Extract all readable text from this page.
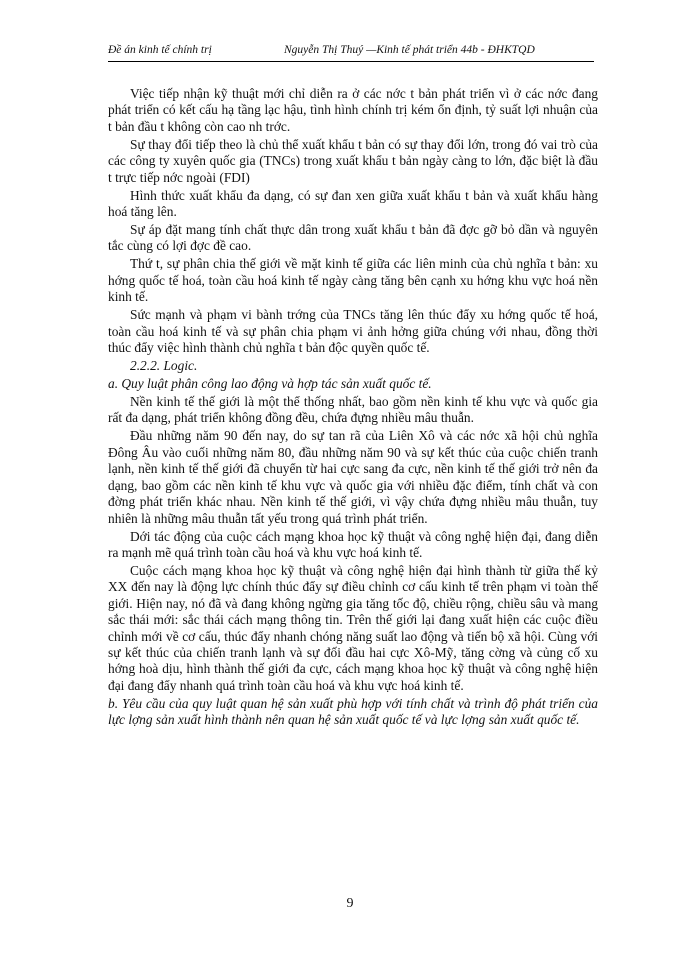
Đề án kinh tế chính trị	Nguyễn Thị Thuý —Kinh tế phát triển 44b - ĐHKTQD

Việc tiếp nhận kỹ thuật mới chỉ diễn ra ở các nớc t bản phát triển vì ở các nớc đang phát triển có kết cấu hạ tầng lạc hậu, tình hình chính trị kém ổn định, tỷ suất lợi nhuận của t bản đầu t không còn cao nh trớc.

Sự thay đổi tiếp theo là chủ thể xuất khẩu t bản có sự thay đổi lớn, trong đó vai trò của các công ty xuyên quốc gia (TNCs) trong xuất khẩu t bản ngày càng to lớn, đặc biệt là đầu t trực tiếp nớc ngoài (FDI)

Hình thức xuất khẩu đa dạng, có sự đan xen giữa xuất khẩu t bản và xuất khẩu hàng hoá tăng lên.

Sự áp đặt mang tính chất thực dân trong xuất khẩu t bản đã đợc gỡ bỏ dần và nguyên tắc cùng có lợi đợc đề cao.

Thứ t, sự phân chia thế giới về mặt kinh tế giữa các liên minh của chủ nghĩa t bản: xu hớng quốc tế hoá, toàn cầu hoá kinh tế ngày càng tăng bên cạnh xu hớng khu vực hoá nền kinh tế.

Sức mạnh và phạm vi bành trớng của TNCs tăng lên thúc đẩy xu hớng quốc tế hoá, toàn cầu hoá kinh tế và sự phân chia phạm vi ảnh hởng giữa chúng với nhau, đồng thời thúc đẩy việc hình thành chủ nghĩa t bản độc quyền quốc tế.

2.2.2. Logic.

a. Quy luật phân công lao động và hợp tác sản xuất quốc tế.

Nền kinh tế thế giới là một thể thống nhất, bao gồm nền kinh tế khu vực và quốc gia rất đa dạng, phát triển không đồng đều, chứa đựng nhiều mâu thuẫn.

Đầu những năm 90 đến nay, do sự tan rã của Liên Xô và các nớc xã hội chủ nghĩa Đông Âu vào cuối những năm 80, đầu những năm 90 và sự kết thúc của cuộc chiến tranh lạnh, nền kinh tế thế giới đã chuyển từ hai cực sang đa cực, nền kinh tế thế giới trở nên đa dạng, bao gồm các nền kinh tế khu vực và quốc gia với nhiều đặc điểm, tính chất và con đờng phát triển khác nhau. Nền kinh tế thế giới, vì vậy chứa đựng nhiều mâu thuẫn, tuy nhiên là những mâu thuẫn tất yếu trong quá trình phát triển.

Dới tác động của cuộc cách mạng khoa học kỹ thuật và công nghệ hiện đại, đang diễn ra mạnh mẽ quá trình toàn cầu hoá và khu vực hoá kinh tế.

Cuộc cách mạng khoa học kỹ thuật và công nghệ hiện đại hình thành từ giữa thế kỷ XX đến nay là động lực chính thúc đẩy sự điều chỉnh cơ cấu kinh tế trên phạm vi toàn thế giới. Hiện nay, nó đã và đang không ngừng gia tăng tốc độ, chiều rộng, chiều sâu và mang sắc thái mới: sắc thái cách mạng thông tin. Trên thế giới lại đang xuất hiện các cuộc điều chỉnh mới về cơ cấu, thúc đẩy nhanh chóng năng suất lao động và tiến bộ xã hội. Cùng với sự kết thúc của chiến tranh lạnh và sự đối đầu hai cực Xô-Mỹ, tăng cờng và củng cố xu hớng hoà dịu, hình thành thế giới đa cực, cách mạng khoa học kỹ thuật và công nghệ hiện đại đang đẩy nhanh quá trình toàn cầu hoá và khu vực hoá kinh tế.

b. Yêu cầu của quy luật quan hệ sản xuất phù hợp với tính chất và trình độ phát triển của lực lợng sản xuất hình thành nên quan hệ sản xuất quốc tế và lực lợng sản xuất quốc tế.

9
